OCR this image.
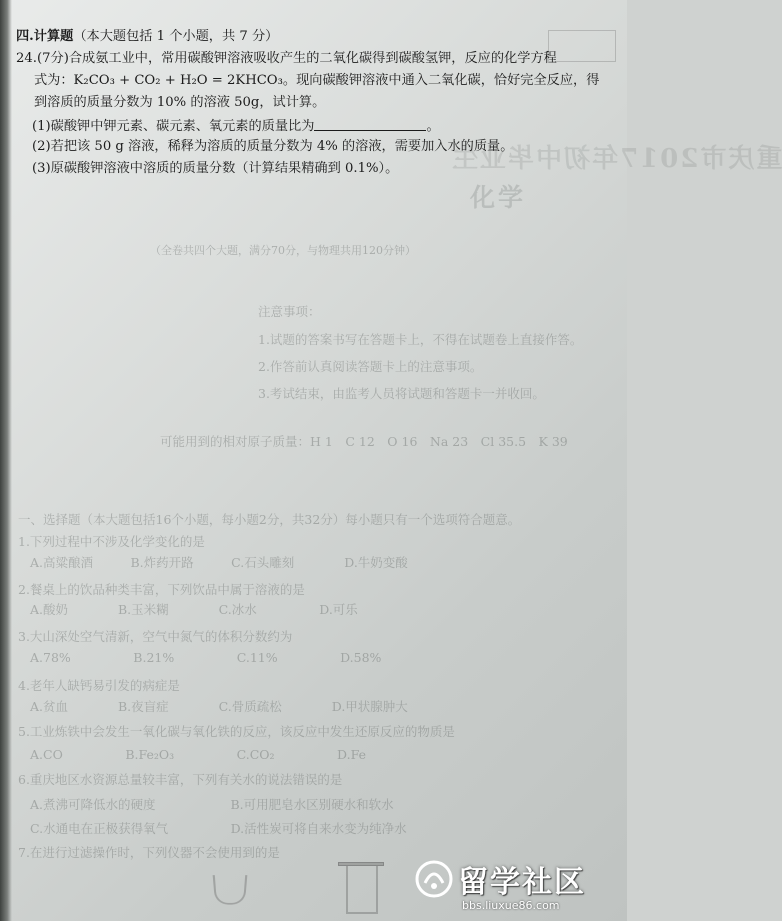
重庆市2017年初中毕业生
化学
（全卷共四个大题，满分70分，与物理共用120分钟）
注意事项：
1.试题的答案书写在答题卡上，不得在试题卷上直接作答。
2.作答前认真阅读答题卡上的注意事项。
3.考试结束，由监考人员将试题和答题卡一并收回。
可能用到的相对原子质量：H 1　C 12　O 16　Na 23　Cl 35.5　K 39
一、选择题（本大题包括16个小题，每小题2分，共32分）每小题只有一个选项符合题意。
1.下列过程中不涉及化学变化的是
A.高粱酿酒　　　B.炸药开路　　　C.石头雕刻　　　　D.牛奶变酸
2.餐桌上的饮品种类丰富，下列饮品中属于溶液的是
A.酸奶　　　　B.玉米糊　　　　C.冰水　　　　　D.可乐
3.大山深处空气清新，空气中氮气的体积分数约为
A.78%　　　　　B.21%　　　　　C.11%　　　　　D.58%
4.老年人缺钙易引发的病症是
A.贫血　　　　B.夜盲症　　　　C.骨质疏松　　　　D.甲状腺肿大
5.工业炼铁中会发生一氧化碳与氧化铁的反应，该反应中发生还原反应的物质是
A.CO　　　　　B.Fe₂O₃　　　　　C.CO₂　　　　　D.Fe
6.重庆地区水资源总量较丰富，下列有关水的说法错误的是
A.煮沸可降低水的硬度　　　　　　B.可用肥皂水区别硬水和软水
C.水通电在正极获得氧气　　　　　D.活性炭可将自来水变为纯净水
7.在进行过滤操作时，下列仪器不会使用到的是
四.计算题（本大题包括 1 个小题，共 7 分）
24.(7分)合成氨工业中，常用碳酸钾溶液吸收产生的二氧化碳得到碳酸氢钾，反应的化学方程
式为：K₂CO₃ + CO₂ + H₂O = 2KHCO₃。现向碳酸钾溶液中通入二氧化碳，恰好完全反应，得
到溶质的质量分数为 10% 的溶液 50g，试计算。
(1)碳酸钾中钾元素、碳元素、氧元素的质量比为	。
(2)若把该 50 g 溶液，稀释为溶质的质量分数为 4% 的溶液，需要加入水的质量。
(3)原碳酸钾溶液中溶质的质量分数（计算结果精确到 0.1%）。
留学社区
bbs.liuxue86.com
